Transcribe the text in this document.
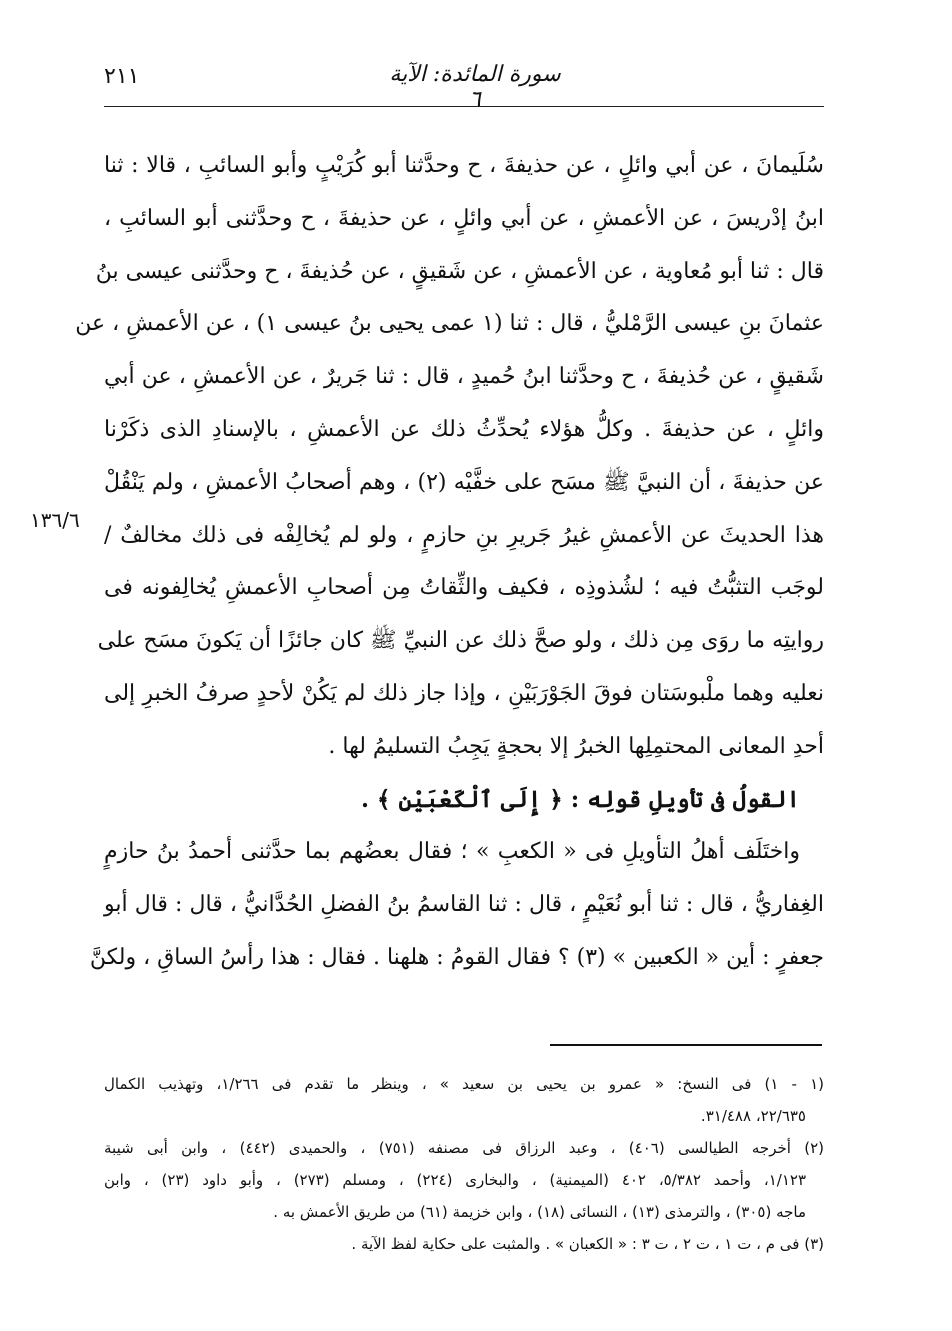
٢١١	سورة المائدة: الآية ٦
١٣٦/٦
سُلَيمانَ ، عن أبي وائلٍ ، عن حذيفةَ ، ح وحدَّثنا أبو كُرَيْبٍ وأبو السائبِ ، قالا : ثنا
ابنُ إدْريسَ ، عن الأعمشِ ، عن أبي وائلٍ ، عن حذيفةَ ، ح وحدَّثنى أبو السائبِ ،
قال : ثنا أبو مُعاوية ، عن الأعمشِ ، عن شَقيقٍ ، عن حُذيفةَ ، ح وحدَّثنى عيسى بنُ
عثمانَ بنِ عيسى الرَّمْليُّ ، قال : ثنا (١ عمى يحيى بنُ عيسى ١) ، عن الأعمشِ ، عن
شَقيقٍ ، عن حُذيفةَ ، ح وحدَّثنا ابنُ حُميدٍ ، قال : ثنا جَريرٌ ، عن الأعمشِ ، عن أبي
وائلٍ ، عن حذيفةَ . وكلُّ هؤلاء يُحدِّثُ ذلك عن الأعمشِ ، بالإسنادِ الذى ذكَرْنا
عن حذيفةَ ، أن النبيَّ ﷺ مسَح على خفَّيْه (٢) ، وهم أصحابُ الأعمشِ ، ولم يَنْقُلْ
هذا الحديثَ عن الأعمشِ غيرُ جَريرِ بنِ حازمٍ ، ولو لم يُخالِفْه فى ذلك مخالفٌ /
لوجَب التثبُّتُ فيه ؛ لشُذوذِه ، فكيف والثِّقاتُ مِن أصحابِ الأعمشِ يُخالِفونه فى
روايتِه ما روَى مِن ذلك ، ولو صحَّ ذلك عن النبيِّ ﷺ كان جائزًا أن يَكونَ مسَح على
نعليه وهما ملْبوسَتان فوقَ الجَوْرَبَيْنِ ، وإذا جاز ذلك لم يَكُنْ لأحدٍ صرفُ الخبرِ إلى
أحدِ المعانى المحتمِلِها الخبرُ إلا بحجةٍ يَجِبُ التسليمُ لها .
القولُ فى تأويلِ قولِه : ﴿ إِلَى ٱلْكَعْبَيْنِ ﴾ .
واختَلَف أهلُ التأويلِ فى « الكعبِ » ؛ فقال بعضُهم بما حدَّثنى أحمدُ بنُ حازمٍ
الغِفاريُّ ، قال : ثنا أبو نُعَيْمٍ ، قال : ثنا القاسمُ بنُ الفضلِ الحُدَّانيُّ ، قال : قال أبو
جعفرٍ : أين « الكعبين » (٣) ؟ فقال القومُ : هلهنا . فقال : هذا رأسُ الساقِ ، ولكنَّ
(١ - ١) فى النسخ: « عمرو بن يحيى بن سعيد » ، وينظر ما تقدم فى ١/٢٦٦، وتهذيب الكمال
٢٢/٦٣٥، ٣١/٤٨٨.
(٢) أخرجه الطيالسى (٤٠٦) ، وعبد الرزاق فى مصنفه (٧٥١) ، والحميدى (٤٤٢) ، وابن أبى شيبة
١/١٢٣، وأحمد ٥/٣٨٢، ٤٠٢ (الميمنية) ، والبخارى (٢٢٤) ، ومسلم (٢٧٣) ، وأبو داود (٢٣) ، وابن
ماجه (٣٠٥) ، والترمذى (١٣) ، النسائى (١٨) ، وابن خزيمة (٦١) من طريق الأعمش به .
(٣) فى م ، ت ١ ، ت ٢ ، ت ٣ : « الكعبان » . والمثبت على حكاية لفظ الآية .
